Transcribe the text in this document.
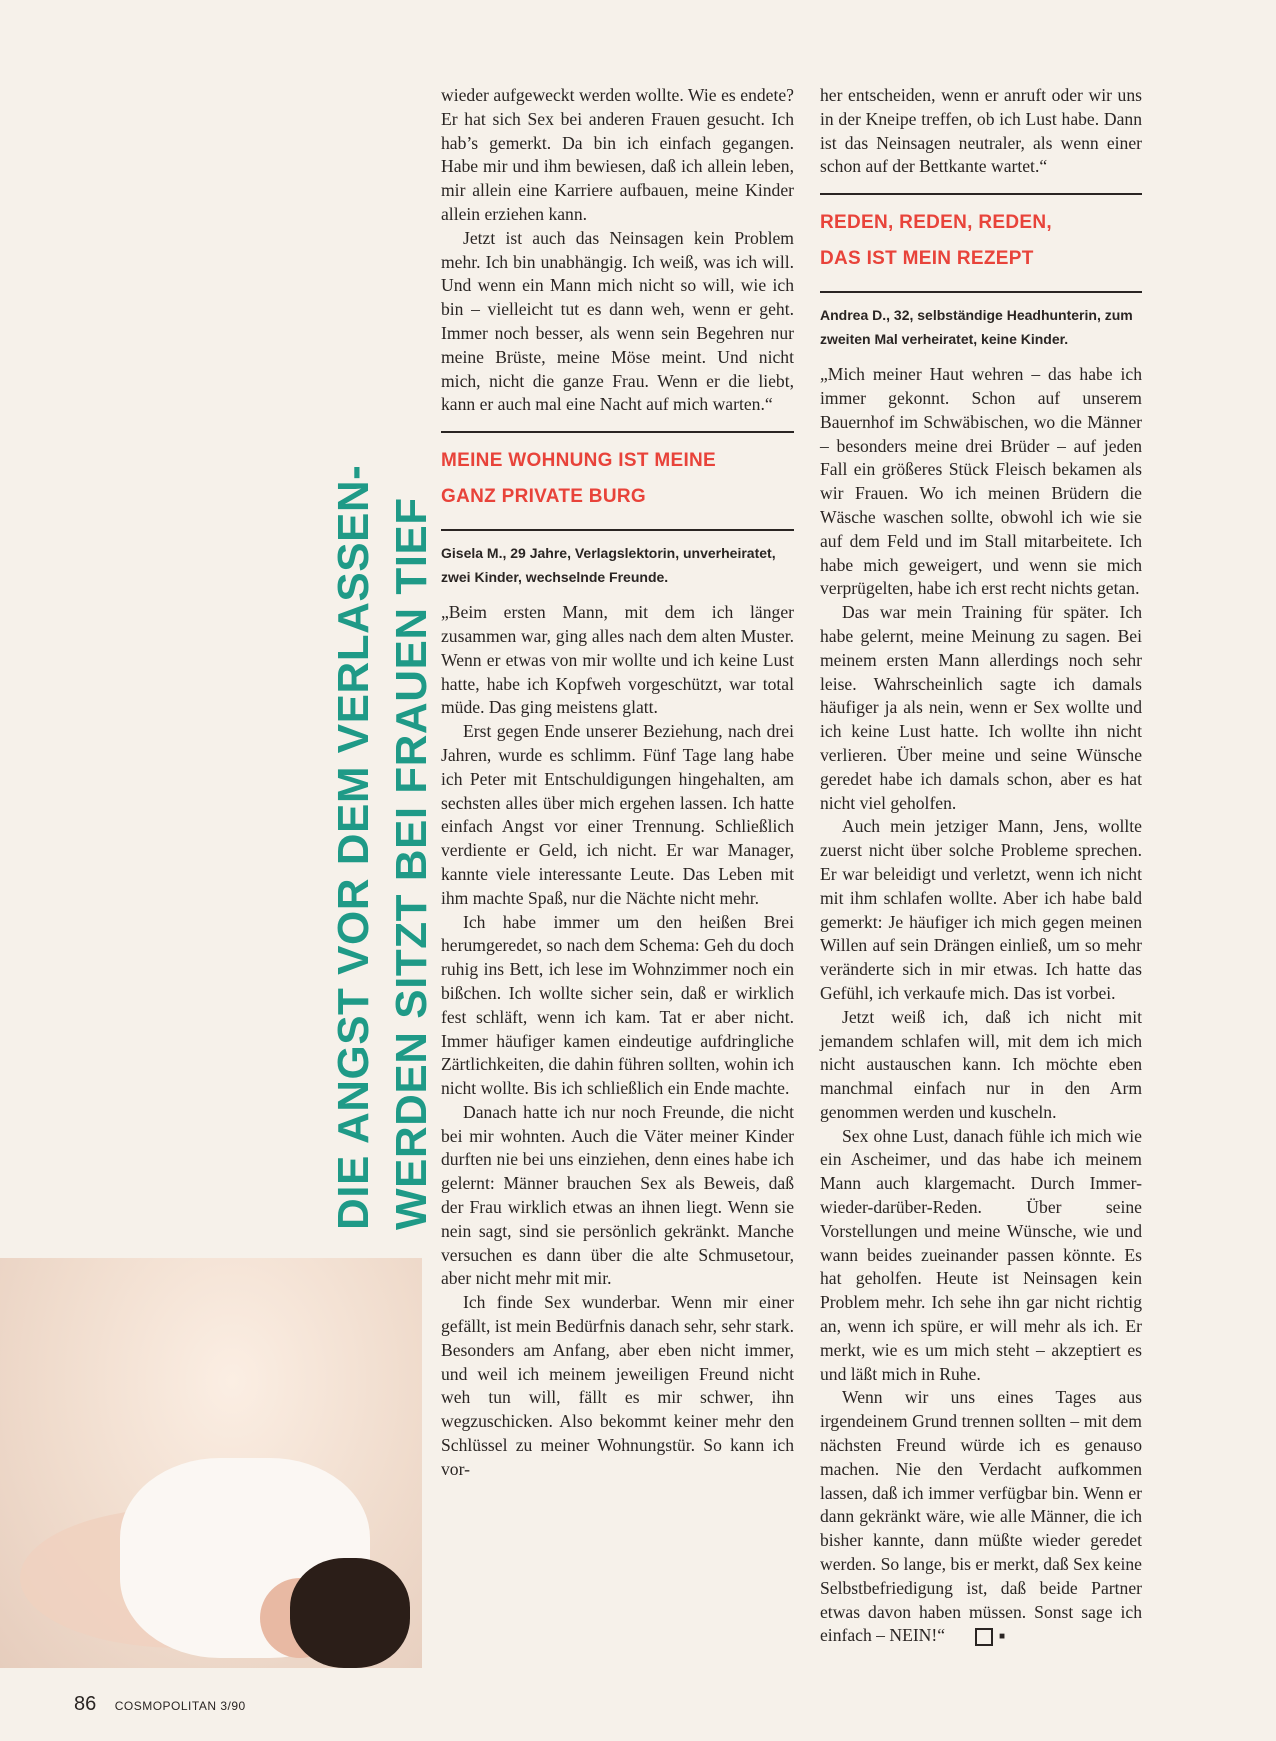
DIE ANGST VOR DEM VERLASSEN- WERDEN SITZT BEI FRAUEN TIEF

wieder aufgeweckt werden wollte. Wie es endete? Er hat sich Sex bei anderen Frauen gesucht. Ich hab’s gemerkt. Da bin ich einfach gegangen. Habe mir und ihm bewiesen, daß ich allein leben, mir allein eine Karriere aufbauen, meine Kinder allein erziehen kann.

Jetzt ist auch das Neinsagen kein Problem mehr. Ich bin unabhängig. Ich weiß, was ich will. Und wenn ein Mann mich nicht so will, wie ich bin – vielleicht tut es dann weh, wenn er geht. Immer noch besser, als wenn sein Begehren nur meine Brüste, meine Möse meint. Und nicht mich, nicht die ganze Frau. Wenn er die liebt, kann er auch mal eine Nacht auf mich warten.“

MEINE WOHNUNG IST MEINE
GANZ PRIVATE BURG
Gisela M., 29 Jahre, Verlagslektorin, unverheiratet, zwei Kinder, wechselnde Freunde.

„Beim ersten Mann, mit dem ich länger zusammen war, ging alles nach dem alten Muster. Wenn er etwas von mir wollte und ich keine Lust hatte, habe ich Kopfweh vorgeschützt, war total müde. Das ging meistens glatt.

Erst gegen Ende unserer Beziehung, nach drei Jahren, wurde es schlimm. Fünf Tage lang habe ich Peter mit Entschuldigungen hingehalten, am sechsten alles über mich ergehen lassen. Ich hatte einfach Angst vor einer Trennung. Schließlich verdiente er Geld, ich nicht. Er war Manager, kannte viele interessante Leute. Das Leben mit ihm machte Spaß, nur die Nächte nicht mehr.

Ich habe immer um den heißen Brei herumgeredet, so nach dem Schema: Geh du doch ruhig ins Bett, ich lese im Wohnzimmer noch ein bißchen. Ich wollte sicher sein, daß er wirklich fest schläft, wenn ich kam. Tat er aber nicht. Immer häufiger kamen eindeutige aufdringliche Zärtlichkeiten, die dahin führen sollten, wohin ich nicht wollte. Bis ich schließlich ein Ende machte.

Danach hatte ich nur noch Freunde, die nicht bei mir wohnten. Auch die Väter meiner Kinder durften nie bei uns einziehen, denn eines habe ich gelernt: Männer brauchen Sex als Beweis, daß der Frau wirklich etwas an ihnen liegt. Wenn sie nein sagt, sind sie persönlich gekränkt. Manche versuchen es dann über die alte Schmusetour, aber nicht mehr mit mir.

Ich finde Sex wunderbar. Wenn mir einer gefällt, ist mein Bedürfnis danach sehr, sehr stark. Besonders am Anfang, aber eben nicht immer, und weil ich meinem jeweiligen Freund nicht weh tun will, fällt es mir schwer, ihn wegzuschicken. Also bekommt keiner mehr den Schlüssel zu meiner Wohnungstür. So kann ich vor-

her entscheiden, wenn er anruft oder wir uns in der Kneipe treffen, ob ich Lust habe. Dann ist das Neinsagen neutraler, als wenn einer schon auf der Bettkante wartet.“

REDEN, REDEN, REDEN,
DAS IST MEIN REZEPT
Andrea D., 32, selbständige Headhunterin, zum zweiten Mal verheiratet, keine Kinder.

„Mich meiner Haut wehren – das habe ich immer gekonnt. Schon auf unserem Bauernhof im Schwäbischen, wo die Männer – besonders meine drei Brüder – auf jeden Fall ein größeres Stück Fleisch bekamen als wir Frauen. Wo ich meinen Brüdern die Wäsche waschen sollte, obwohl ich wie sie auf dem Feld und im Stall mitarbeitete. Ich habe mich geweigert, und wenn sie mich verprügelten, habe ich erst recht nichts getan.

Das war mein Training für später. Ich habe gelernt, meine Meinung zu sagen. Bei meinem ersten Mann allerdings noch sehr leise. Wahrscheinlich sagte ich damals häufiger ja als nein, wenn er Sex wollte und ich keine Lust hatte. Ich wollte ihn nicht verlieren. Über meine und seine Wünsche geredet habe ich damals schon, aber es hat nicht viel geholfen.

Auch mein jetziger Mann, Jens, wollte zuerst nicht über solche Probleme sprechen. Er war beleidigt und verletzt, wenn ich nicht mit ihm schlafen wollte. Aber ich habe bald gemerkt: Je häufiger ich mich gegen meinen Willen auf sein Drängen einließ, um so mehr veränderte sich in mir etwas. Ich hatte das Gefühl, ich verkaufe mich. Das ist vorbei.

Jetzt weiß ich, daß ich nicht mit jemandem schlafen will, mit dem ich mich nicht austauschen kann. Ich möchte eben manchmal einfach nur in den Arm genommen werden und kuscheln.

Sex ohne Lust, danach fühle ich mich wie ein Ascheimer, und das habe ich meinem Mann auch klargemacht. Durch Immer-wieder-darüber-Reden. Über seine Vorstellungen und meine Wünsche, wie und wann beides zueinander passen könnte. Es hat geholfen. Heute ist Neinsagen kein Problem mehr. Ich sehe ihn gar nicht richtig an, wenn ich spüre, er will mehr als ich. Er merkt, wie es um mich steht – akzeptiert es und läßt mich in Ruhe.

Wenn wir uns eines Tages aus irgendeinem Grund trennen sollten – mit dem nächsten Freund würde ich es genauso machen. Nie den Verdacht aufkommen lassen, daß ich immer verfügbar bin. Wenn er dann gekränkt wäre, wie alle Männer, die ich bisher kannte, dann müßte wieder geredet werden. So lange, bis er merkt, daß Sex keine Selbstbefriedigung ist, daß beide Partner etwas davon haben müssen. Sonst sage ich einfach – NEIN!“	■

86 COSMOPOLITAN 3/90
